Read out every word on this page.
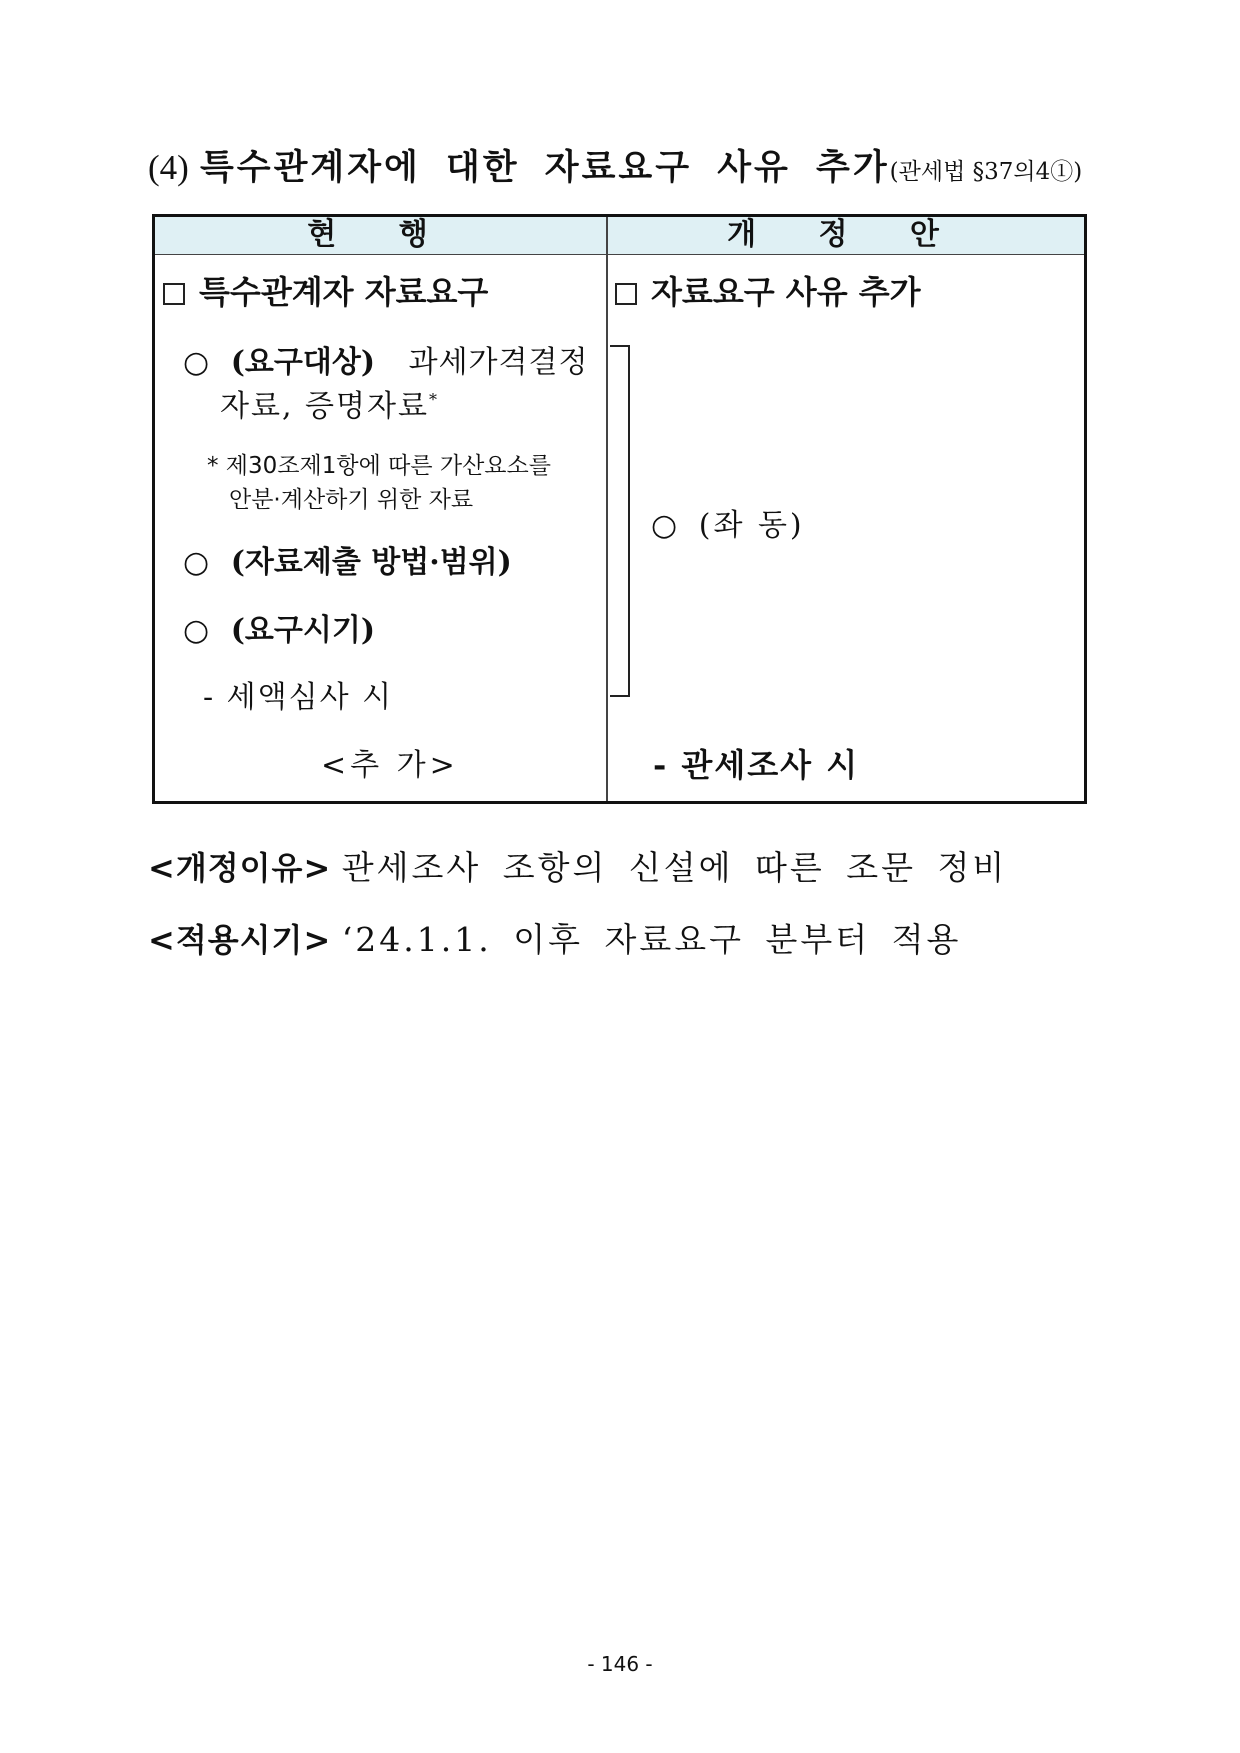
(4) 특수관계자에 대한 자료요구 사유 추가(관세법 §37의4①)
현 행	개 정 안
특수관계자 자료요구
○ (요구대상) 과세가격결정
자료, 증명자료*
* 제30조제1항에 따른 가산요소를
안분·계산하기 위한 자료
○ (자료제출 방법·범위)
○ (요구시기)
- 세액심사 시
<추 가>
자료요구 사유 추가
○ (좌 동)
- 관세조사 시
<개정이유> 관세조사 조항의 신설에 따른 조문 정비
<적용시기> ‘24.1.1. 이후 자료요구 분부터 적용
- 146 -
